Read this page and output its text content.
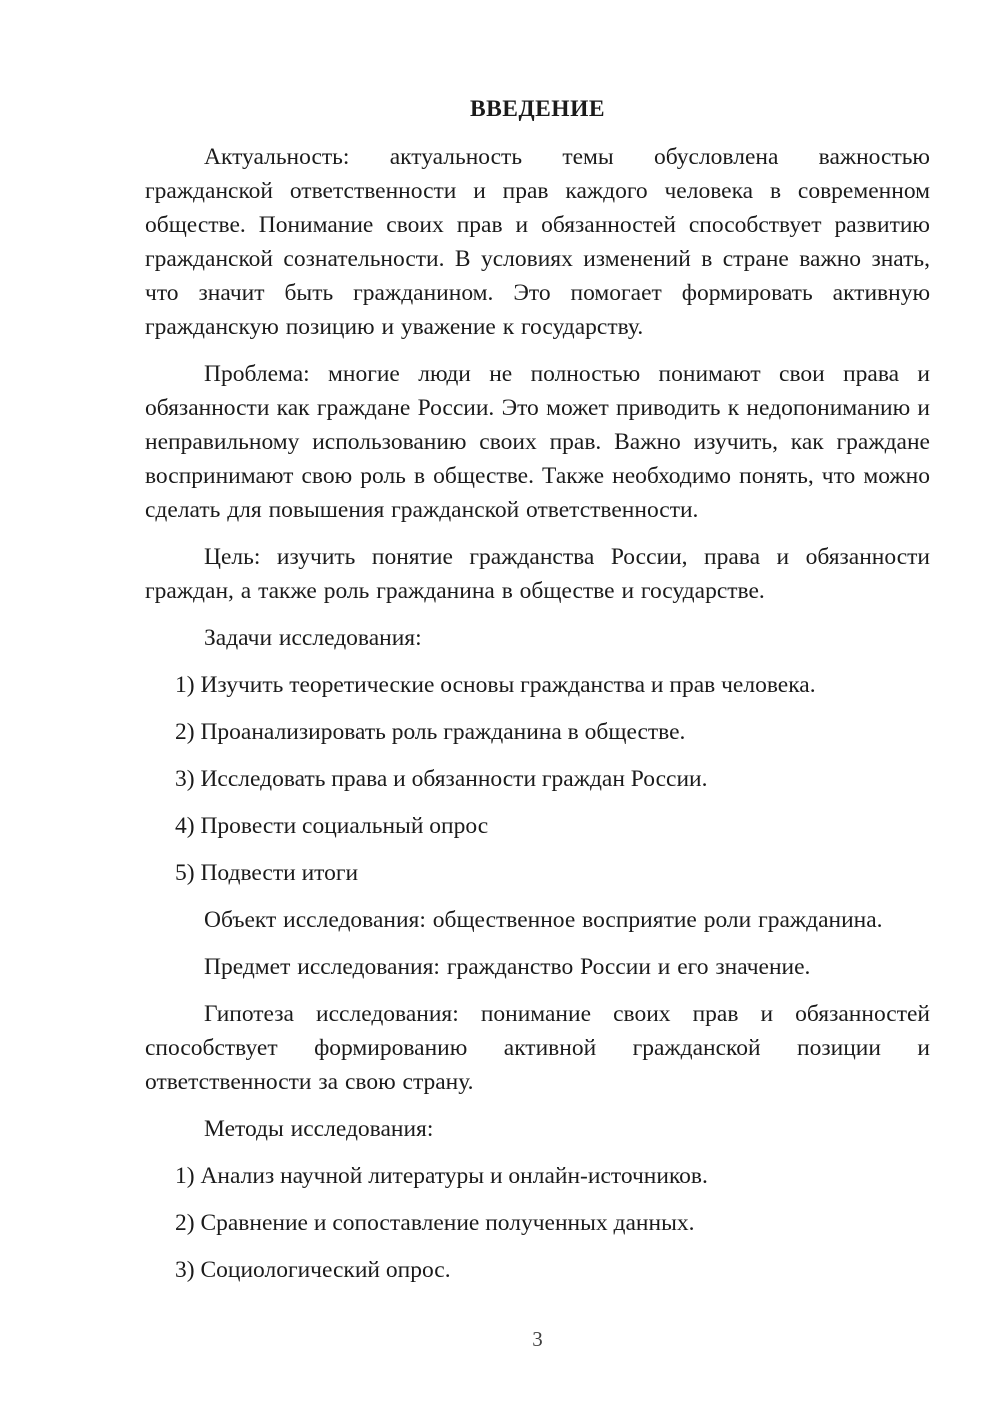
ВВЕДЕНИЕ

Актуальность: актуальность темы обусловлена важностью гражданской ответственности и прав каждого человека в современном обществе. Понимание своих прав и обязанностей способствует развитию гражданской сознательности. В условиях изменений в стране важно знать, что значит быть гражданином. Это помогает формировать активную гражданскую позицию и уважение к государству.

Проблема: многие люди не полностью понимают свои права и обязанности как граждане России. Это может приводить к недопониманию и неправильному использованию своих прав. Важно изучить, как граждане воспринимают свою роль в обществе. Также необходимо понять, что можно сделать для повышения гражданской ответственности.

Цель: изучить понятие гражданства России, права и обязанности граждан, а также роль гражданина в обществе и государстве.

Задачи исследования:

1) Изучить теоретические основы гражданства и прав человека.

2) Проанализировать роль гражданина в обществе.

3) Исследовать права и обязанности граждан России.

4) Провести социальный опрос

5) Подвести итоги

Объект исследования: общественное восприятие роли гражданина.

Предмет исследования: гражданство России и его значение.

Гипотеза исследования: понимание своих прав и обязанностей способствует формированию активной гражданской позиции и ответственности за свою страну.

Методы исследования:

1) Анализ научной литературы и онлайн-источников.

2) Сравнение и сопоставление полученных данных.

3) Социологический опрос.

3
